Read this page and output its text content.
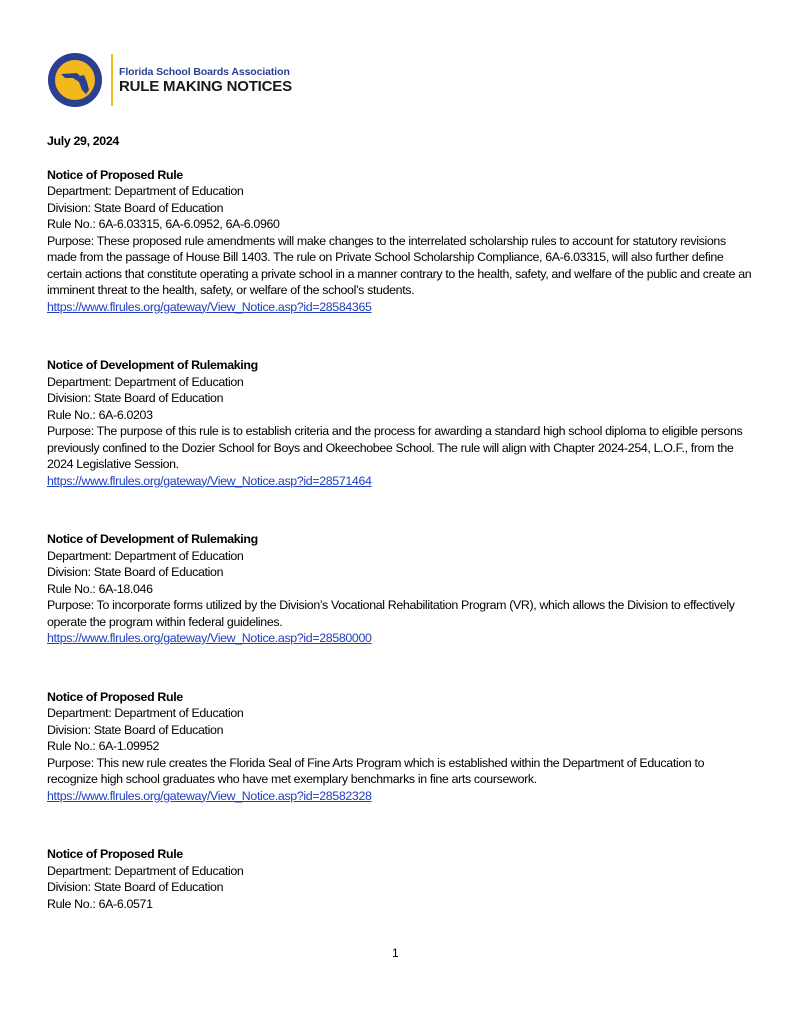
Florida School Boards Association
RULE MAKING NOTICES
July 29, 2024
Notice of Proposed Rule
Department: Department of Education
Division: State Board of Education
Rule No.: 6A-6.03315, 6A-6.0952, 6A-6.0960
Purpose: These proposed rule amendments will make changes to the interrelated scholarship rules to account for statutory revisions made from the passage of House Bill 1403. The rule on Private School Scholarship Compliance, 6A-6.03315, will also further define certain actions that constitute operating a private school in a manner contrary to the health, safety, and welfare of the public and create an imminent threat to the health, safety, or welfare of the school’s students.
https://www.flrules.org/gateway/View_Notice.asp?id=28584365
Notice of Development of Rulemaking
Department: Department of Education
Division: State Board of Education
Rule No.: 6A-6.0203
Purpose: The purpose of this rule is to establish criteria and the process for awarding a standard high school diploma to eligible persons previously confined to the Dozier School for Boys and Okeechobee School. The rule will align with Chapter 2024-254, L.O.F., from the 2024 Legislative Session.
https://www.flrules.org/gateway/View_Notice.asp?id=28571464
Notice of Development of Rulemaking
Department: Department of Education
Division: State Board of Education
Rule No.: 6A-18.046
Purpose: To incorporate forms utilized by the Division’s Vocational Rehabilitation Program (VR), which allows the Division to effectively operate the program within federal guidelines.
https://www.flrules.org/gateway/View_Notice.asp?id=28580000
Notice of Proposed Rule
Department: Department of Education
Division: State Board of Education
Rule No.: 6A-1.09952
Purpose: This new rule creates the Florida Seal of Fine Arts Program which is established within the Department of Education to recognize high school graduates who have met exemplary benchmarks in fine arts coursework.
https://www.flrules.org/gateway/View_Notice.asp?id=28582328
Notice of Proposed Rule
Department: Department of Education
Division: State Board of Education
Rule No.: 6A-6.0571
1
